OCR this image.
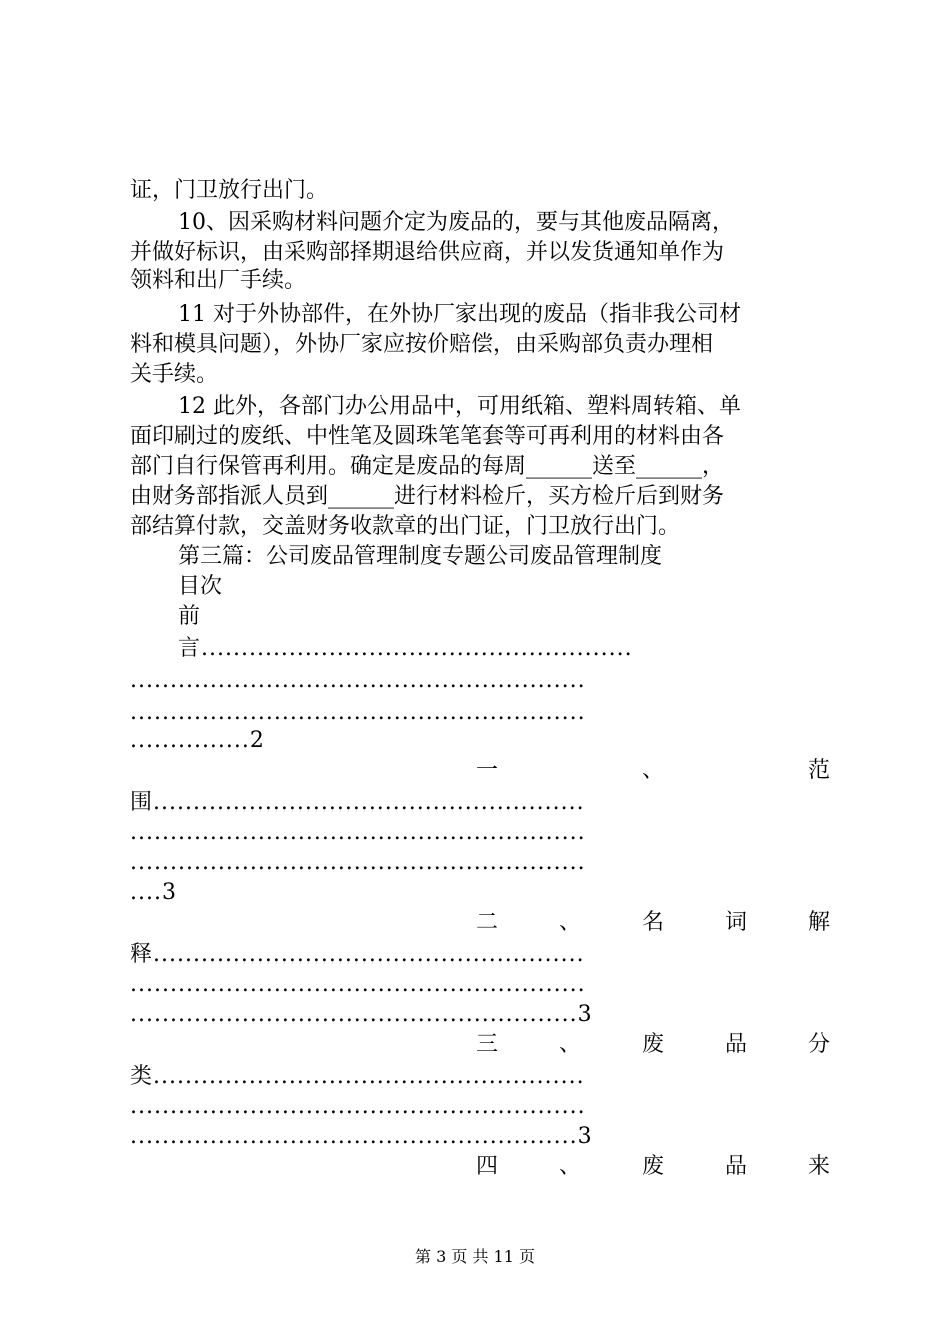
证，门卫放行出门。
10、因采购材料问题介定为废品的，要与其他废品隔离，
并做好标识，由采购部择期退给供应商，并以发货通知单作为
领料和出厂手续。
11 对于外协部件，在外协厂家出现的废品（指非我公司材
料和模具问题），外协厂家应按价赔偿，由采购部负责办理相
关手续。
12 此外，各部门办公用品中，可用纸箱、塑料周转箱、单
面印刷过的废纸、中性笔及圆珠笔笔套等可再利用的材料由各
部门自行保管再利用。确定是废品的每周______送至______，
由财务部指派人员到______进行材料检斤，买方检斤后到财务
部结算付款，交盖财务收款章的出门证，门卫放行出门。
第三篇：公司废品管理制度专题公司废品管理制度
目次
前
言......................................................
.........................................................
.........................................................
...............2
一	、	范
围......................................................
.........................................................
.........................................................
....3
二	、	名	词	解
释......................................................
.........................................................
........................................................3
三	、	废	品	分
类......................................................
.........................................................
........................................................3
四	、	废	品	来
第 3 页 共 11 页
